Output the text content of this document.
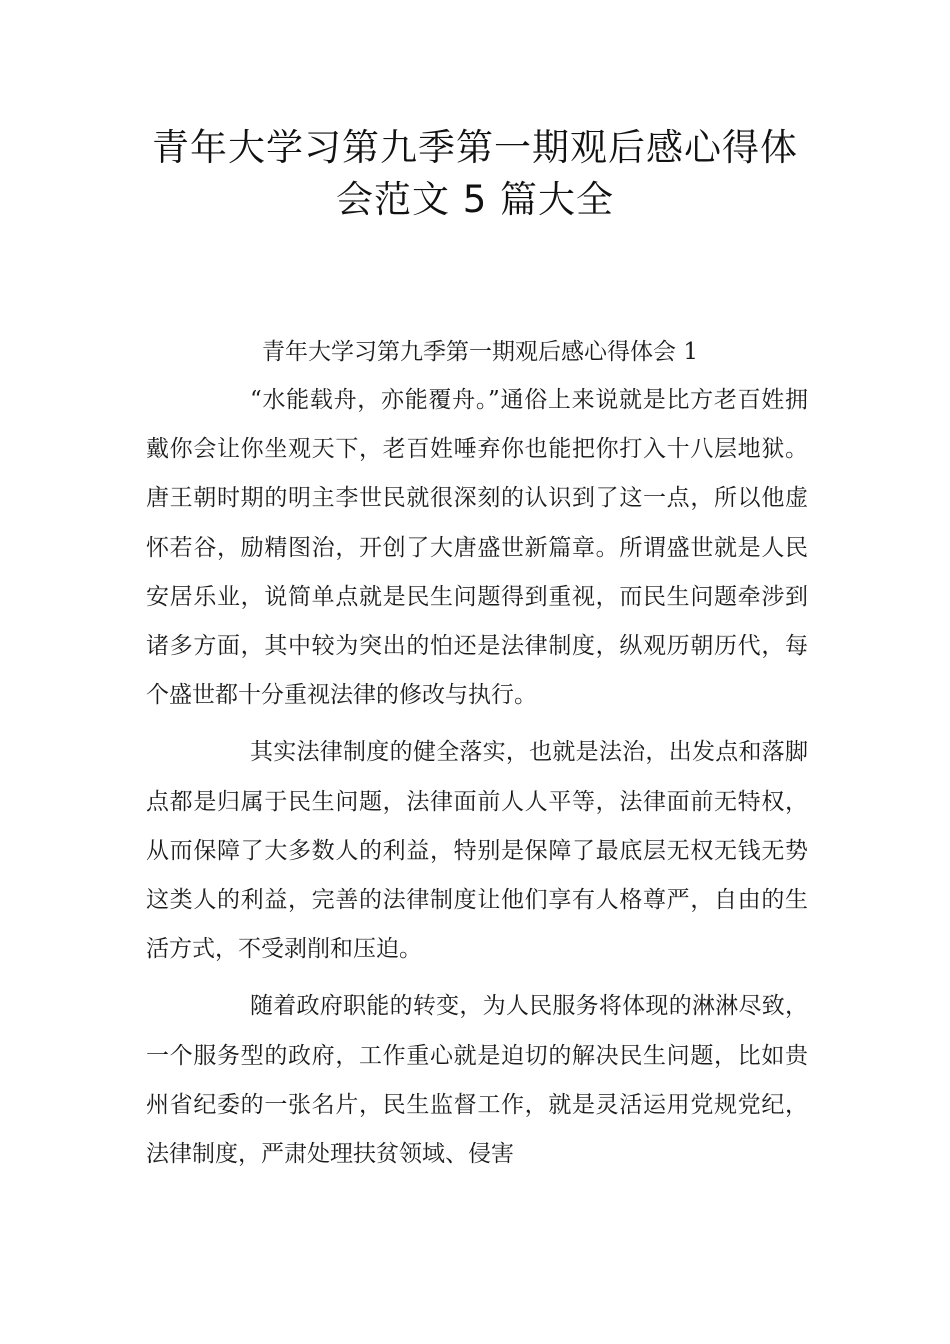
青年大学习第九季第一期观后感心得体
会范文 5 篇大全
青年大学习第九季第一期观后感心得体会 1

“水能载舟，亦能覆舟。”通俗上来说就是比方老百姓拥戴你会让你坐观天下，老百姓唾弃你也能把你打入十八层地狱。唐王朝时期的明主李世民就很深刻的认识到了这一点，所以他虚怀若谷，励精图治，开创了大唐盛世新篇章。所谓盛世就是人民安居乐业，说简单点就是民生问题得到重视，而民生问题牵涉到诸多方面，其中较为突出的怕还是法律制度，纵观历朝历代，每个盛世都十分重视法律的修改与执行。

其实法律制度的健全落实，也就是法治，出发点和落脚点都是归属于民生问题，法律面前人人平等，法律面前无特权，从而保障了大多数人的利益，特别是保障了最底层无权无钱无势这类人的利益，完善的法律制度让他们享有人格尊严，自由的生活方式，不受剥削和压迫。

随着政府职能的转变，为人民服务将体现的淋淋尽致，一个服务型的政府，工作重心就是迫切的解决民生问题，比如贵州省纪委的一张名片，民生监督工作，就是灵活运用党规党纪，法律制度，严肃处理扶贫领域、侵害
